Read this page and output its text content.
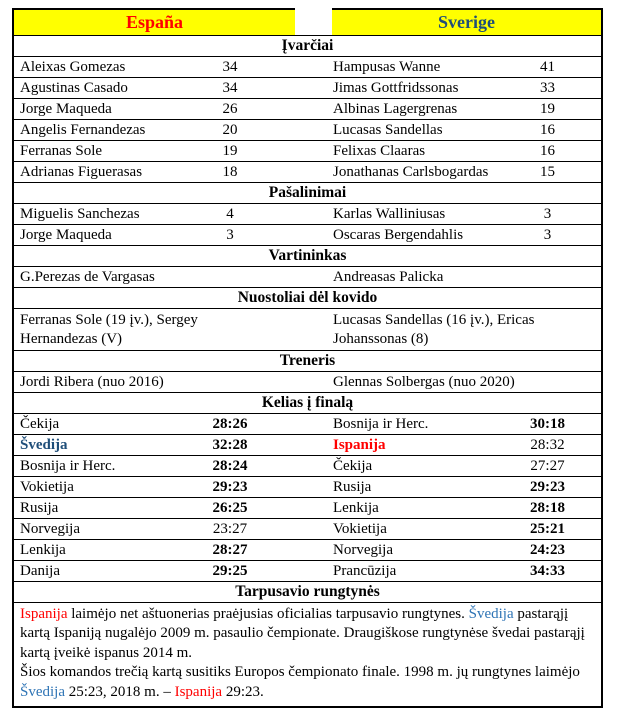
España	Sverige
Įvarčiai
Aleixas Gomezas	34	Hampusas Wanne	41
Agustinas Casado	34	Jimas Gottfridssonas	33
Jorge Maqueda	26	Albinas Lagergrenas	19
Angelis Fernandezas	20	Lucasas Sandellas	16
Ferranas Sole	19	Felixas Claaras	16
Adrianas Figuerasas	18	Jonathanas Carlsbogardas	15
Pašalinimai
Miguelis Sanchezas	4	Karlas Walliniusas	3
Jorge Maqueda	3	Oscaras Bergendahlis	3
Vartininkas
G.Perezas de Vargasas	Andreasas Palicka
Nuostoliai dėl kovido
Ferranas Sole (19 įv.), Sergey Hernandezas (V)
Lucasas Sandellas (16 įv.), Ericas Johanssonas (8)
Treneris
Jordi Ribera (nuo 2016)	Glennas Solbergas (nuo 2020)
Kelias į finalą
Čekija	28:26	Bosnija ir Herc.	30:18
Švedija	32:28	Ispanija	28:32
Bosnija ir Herc.	28:24	Čekija	27:27
Vokietija	29:23	Rusija	29:23
Rusija	26:25	Lenkija	28:18
Norvegija	23:27	Vokietija	25:21
Lenkija	28:27	Norvegija	24:23
Danija	29:25	Prancūzija	34:33
Tarpusavio rungtynės
Ispanija laimėjo net aštuonerias praėjusias oficialias tarpusavio rungtynes. Švedija pastarąjį kartą Ispaniją nugalėjo 2009 m. pasaulio čempionate. Draugiškose rungtynėse švedai pastarąjį kartą įveikė ispanus 2014 m.
Šios komandos trečią kartą susitiks Europos čempionato finale. 1998 m. jų rungtynes laimėjo Švedija 25:23, 2018 m. – Ispanija 29:23.
